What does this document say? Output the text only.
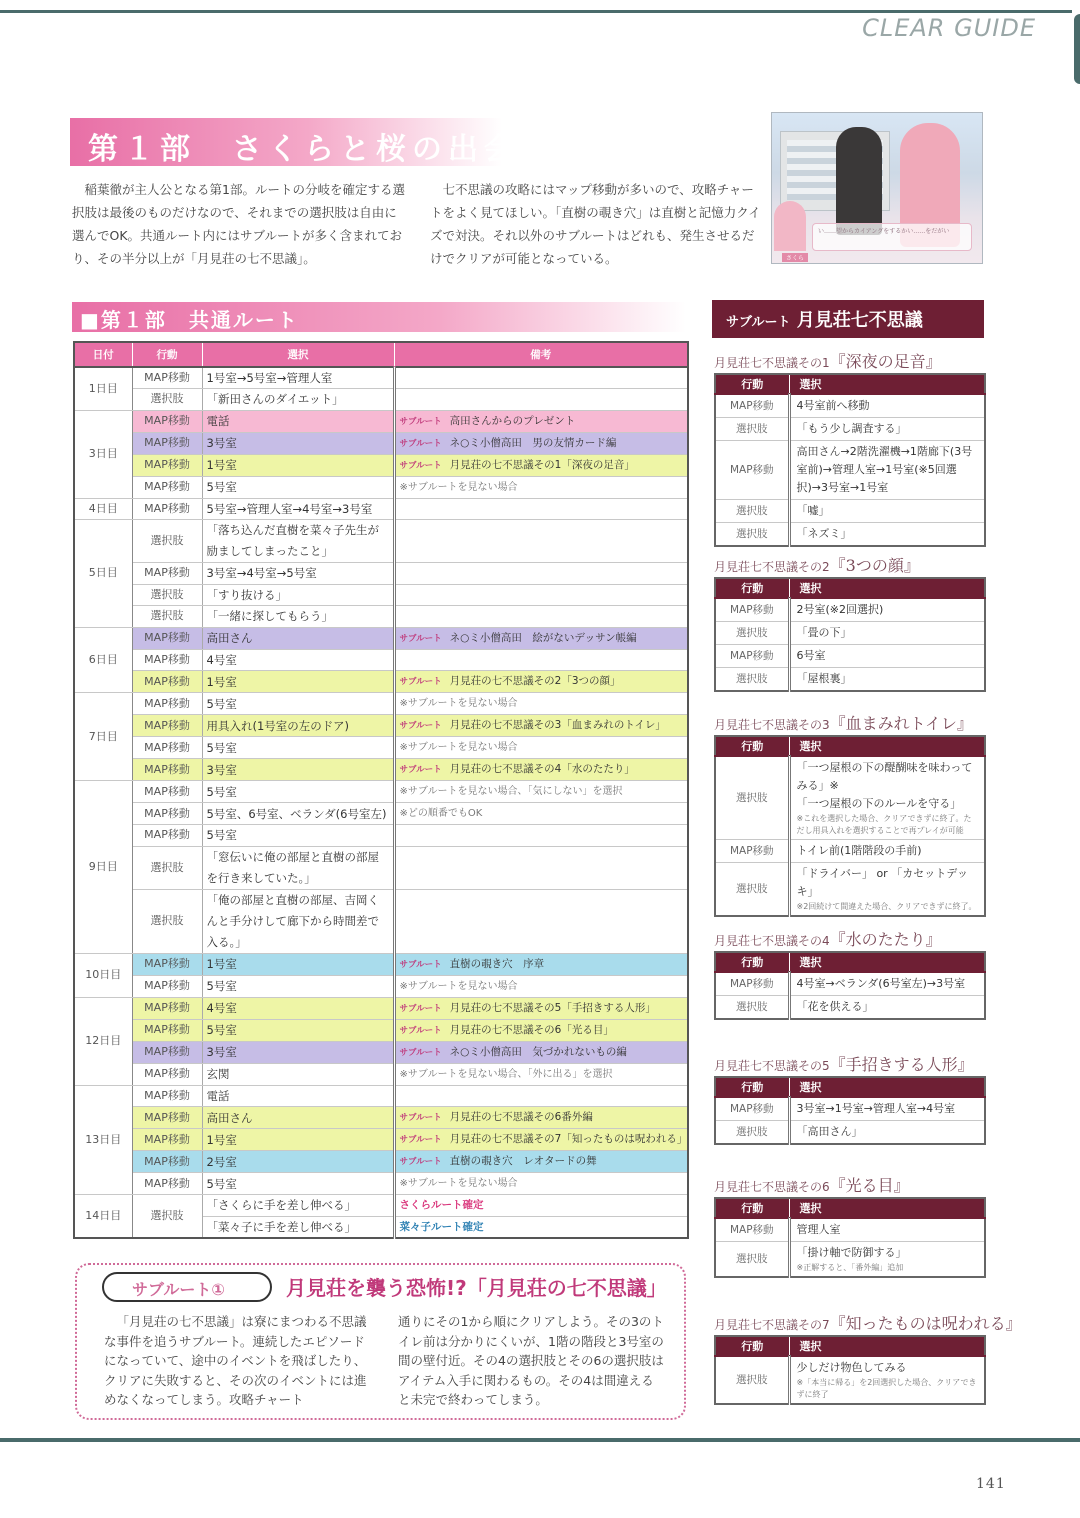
CLEAR GUIDE
第１部　さくらと桜の出会い

稲葉徹が主人公となる第1部。ルートの分岐を確定する選択肢は最後のものだけなので、それまでの選択肢は自由に選んでOK。共通ルート内にはサブルートが多く含まれており、その半分以上が「月見荘の七不思議」。

七不思議の攻略にはマップ移動が多いので、攻略チャートをよく見てほしい。「直樹の覗き穴」は直樹と記憶力クイズで対決。それ以外のサブルートはどれも、発生させるだけでクリアが可能となっている。

い……望からカイアングをするかい……をだがい
さくら
■第１部　共通ルート
日付	行動	選択	備考
1日目	MAP移動	1号室→5号室→管理人室	
	選択肢	「新田さんのダイエット」	
3日目	MAP移動	電話	サブルート 高田さんからのプレゼント
	MAP移動	3号室	サブルート ネ○ミ小僧高田　男の友情カード編
	MAP移動	1号室	サブルート 月見荘の七不思議その1「深夜の足音」
	MAP移動	5号室	※サブルートを見ない場合
4日目	MAP移動	5号室→管理人室→4号室→3号室	
5日目	選択肢	「落ち込んだ直樹を菜々子先生が励ましてしまったこと」	
	MAP移動	3号室→4号室→5号室	
	選択肢	「すり抜ける」	
	選択肢	「一緒に探してもらう」	
6日目	MAP移動	高田さん	サブルート ネ○ミ小僧高田　絵がないデッサン帳編
	MAP移動	4号室	
	MAP移動	1号室	サブルート 月見荘の七不思議その2「3つの顔」
7日目	MAP移動	5号室	※サブルートを見ない場合
	MAP移動	用具入れ(1号室の左のドア)	サブルート 月見荘の七不思議その3「血まみれのトイレ」
	MAP移動	5号室	※サブルートを見ない場合
	MAP移動	3号室	サブルート 月見荘の七不思議その4「水のたたり」
9日目	MAP移動	5号室	※サブルートを見ない場合、「気にしない」を選択
	MAP移動	5号室、6号室、ベランダ(6号室左)	※どの順番でもOK
	MAP移動	5号室	
	選択肢	「窓伝いに俺の部屋と直樹の部屋を行き来していた。」	
	選択肢	「俺の部屋と直樹の部屋、吉岡くんと手分けして廊下から時間差で入る。」	
10日目	MAP移動	1号室	サブルート 直樹の覗き穴　序章
	MAP移動	5号室	※サブルートを見ない場合
12日目	MAP移動	4号室	サブルート 月見荘の七不思議その5「手招きする人形」
	MAP移動	5号室	サブルート 月見荘の七不思議その6「光る目」
	MAP移動	3号室	サブルート ネ○ミ小僧高田　気づかれないもの編
	MAP移動	玄関	※サブルートを見ない場合、「外に出る」を選択
13日目	MAP移動	電話	
	MAP移動	高田さん	サブルート 月見荘の七不思議その6番外編
	MAP移動	1号室	サブルート 月見荘の七不思議その7「知ったものは呪われる」
	MAP移動	2号室	サブルート 直樹の覗き穴　レオタードの舞
	MAP移動	5号室	※サブルートを見ない場合
14日目	選択肢	「さくらに手を差し伸べる」	さくらルート確定
		「菜々子に手を差し伸べる」	菜々子ルート確定
サブルート 月見荘七不思議
月見荘七不思議その1『深夜の足音』
行動	選択
MAP移動	4号室前へ移動

選択肢	「もう少し調査する」

MAP移動	高田さん→2階洗濯機→1階廊下(3号室前)→管理人室→1号室(※5回選択)→3号室→1号室

選択肢	「嘘」

選択肢	「ネズミ」
月見荘七不思議その2『3つの顔』
行動	選択
MAP移動	2号室(※2回選択)

選択肢	「畳の下」

MAP移動	6号室

選択肢	「屋根裏」
月見荘七不思議その3『血まみれトイレ』
行動	選択
選択肢	「一つ屋根の下の醍醐味を味わってみる」※
「一つ屋根の下のルールを守る」
※これを選択した場合、クリアできずに終了。ただし用具入れを選択することで再プレイが可能

MAP移動	トイレ前(1階階段の手前)

選択肢	「ドライバー」 or 「カセットデッキ」
※2回続けて間違えた場合、クリアできずに終了。
月見荘七不思議その4『水のたたり』
行動	選択
MAP移動	4号室→ベランダ(6号室左)→3号室

選択肢	「花を供える」
月見荘七不思議その5『手招きする人形』
行動	選択
MAP移動	3号室→1号室→管理人室→4号室

選択肢	「高田さん」
月見荘七不思議その6『光る目』
行動	選択
MAP移動	管理人室

選択肢	「掛け軸で防御する」
※正解すると、「番外編」追加
月見荘七不思議その7『知ったものは呪われる』
行動	選択
選択肢	少しだけ物色してみる
※「本当に帰る」を2回選択した場合、クリアできずに終了
サブルート①	月見荘を襲う恐怖!?「月見荘の七不思議」

「月見荘の七不思議」は寮にまつわる不思議な事件を追うサブルート。連続したエピソードになっていて、途中のイベントを飛ばしたり、クリアに失敗すると、その次のイベントには進めなくなってしまう。攻略チャート

通りにその1から順にクリアしよう。その3のトイレ前は分かりにくいが、1階の階段と3号室の間の壁付近。その4の選択肢とその6の選択肢はアイテム入手に関わるもの。その4は間違えると未完で終わってしまう。

141
